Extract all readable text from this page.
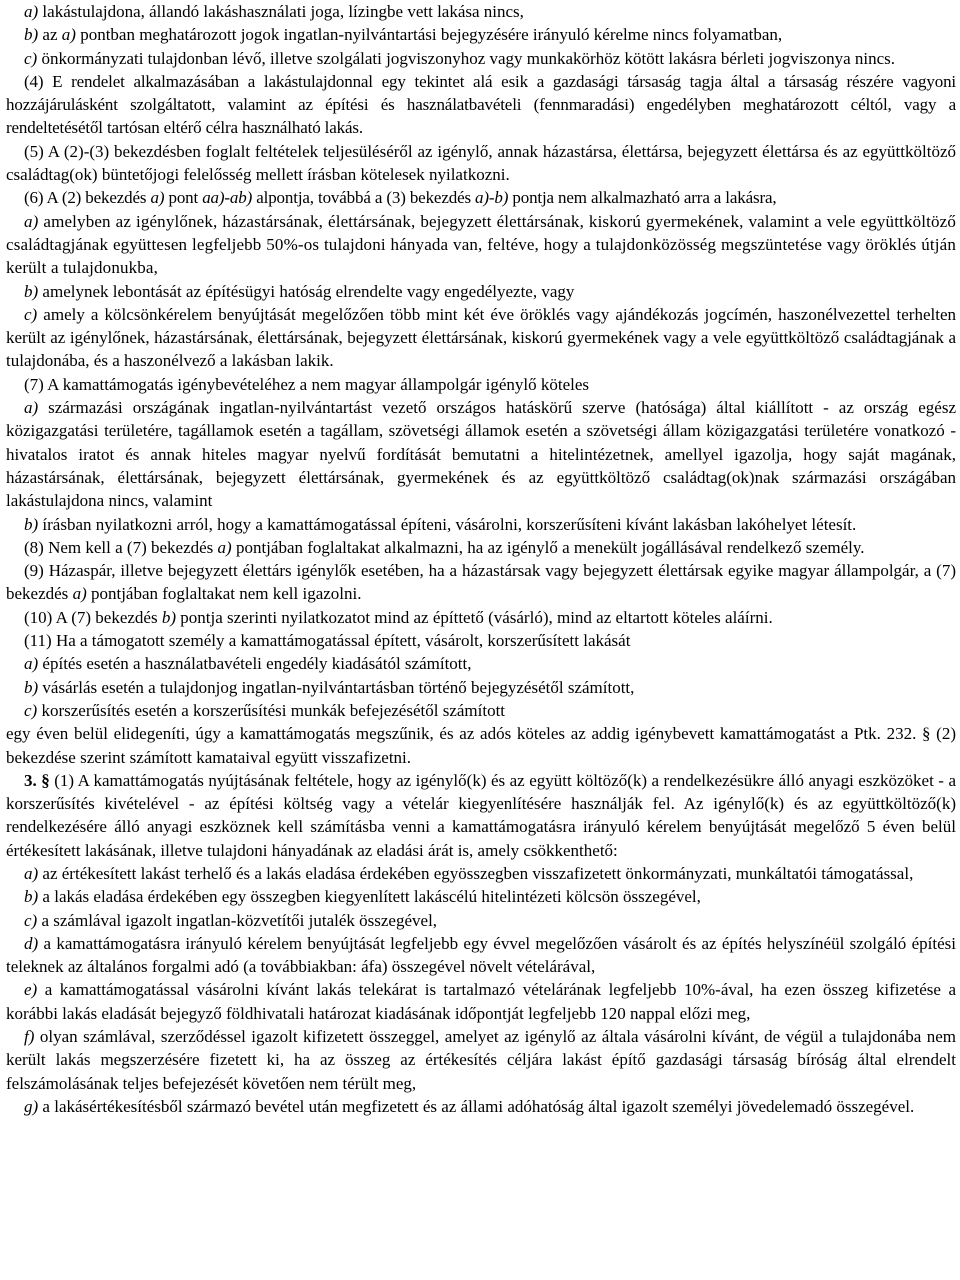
a) lakástulajdona, állandó lakáshasználati joga, lízingbe vett lakása nincs,

b) az a) pontban meghatározott jogok ingatlan-nyilvántartási bejegyzésére irányuló kérelme nincs folyamatban,

c) önkormányzati tulajdonban lévő, illetve szolgálati jogviszonyhoz vagy munkakörhöz kötött lakásra bérleti jogviszonya nincs.

(4) E rendelet alkalmazásában a lakástulajdonnal egy tekintet alá esik a gazdasági társaság tagja által a társaság részére vagyoni hozzájárulásként szolgáltatott, valamint az építési és használatbavételi (fennmaradási) engedélyben meghatározott céltól, vagy a rendeltetésétől tartósan eltérő célra használható lakás.

(5) A (2)-(3) bekezdésben foglalt feltételek teljesüléséről az igénylő, annak házastársa, élettársa, bejegyzett élettársa és az együttköltöző családtag(ok) büntetőjogi felelősség mellett írásban kötelesek nyilatkozni.

(6) A (2) bekezdés a) pont aa)-ab) alpontja, továbbá a (3) bekezdés a)-b) pontja nem alkalmazható arra a lakásra,

a) amelyben az igénylőnek, házastársának, élettársának, bejegyzett élettársának, kiskorú gyermekének, valamint a vele együttköltöző családtagjának együttesen legfeljebb 50%-os tulajdoni hányada van, feltéve, hogy a tulajdonközösség megszüntetése vagy öröklés útján került a tulajdonukba,

b) amelynek lebontását az építésügyi hatóság elrendelte vagy engedélyezte, vagy

c) amely a kölcsönkérelem benyújtását megelőzően több mint két éve öröklés vagy ajándékozás jogcímén, haszonélvezettel terhelten került az igénylőnek, házastársának, élettársának, bejegyzett élettársának, kiskorú gyermekének vagy a vele együttköltöző családtagjának a tulajdonába, és a haszonélvező a lakásban lakik.

(7) A kamattámogatás igénybevételéhez a nem magyar állampolgár igénylő köteles

a) származási országának ingatlan-nyilvántartást vezető országos hatáskörű szerve (hatósága) által kiállított - az ország egész közigazgatási területére, tagállamok esetén a tagállam, szövetségi államok esetén a szövetségi állam közigazgatási területére vonatkozó - hivatalos iratot és annak hiteles magyar nyelvű fordítását bemutatni a hitelintézetnek, amellyel igazolja, hogy saját magának, házastársának, élettársának, bejegyzett élettársának, gyermekének és az együttköltöző családtag(ok)nak származási országában lakástulajdona nincs, valamint

b) írásban nyilatkozni arról, hogy a kamattámogatással építeni, vásárolni, korszerűsíteni kívánt lakásban lakóhelyet létesít.

(8) Nem kell a (7) bekezdés a) pontjában foglaltakat alkalmazni, ha az igénylő a menekült jogállásával rendelkező személy.

(9) Házaspár, illetve bejegyzett élettárs igénylők esetében, ha a házastársak vagy bejegyzett élettársak egyike magyar állampolgár, a (7) bekezdés a) pontjában foglaltakat nem kell igazolni.

(10) A (7) bekezdés b) pontja szerinti nyilatkozatot mind az építtető (vásárló), mind az eltartott köteles aláírni.

(11) Ha a támogatott személy a kamattámogatással épített, vásárolt, korszerűsített lakását

a) építés esetén a használatbavételi engedély kiadásától számított,

b) vásárlás esetén a tulajdonjog ingatlan-nyilvántartásban történő bejegyzésétől számított,

c) korszerűsítés esetén a korszerűsítési munkák befejezésétől számított

egy éven belül elidegeníti, úgy a kamattámogatás megszűnik, és az adós köteles az addig igénybevett kamattámogatást a Ptk. 232. § (2) bekezdése szerint számított kamataival együtt visszafizetni.

3. § (1) A kamattámogatás nyújtásának feltétele, hogy az igénylő(k) és az együtt költöző(k) a rendelkezésükre álló anyagi eszközöket - a korszerűsítés kivételével - az építési költség vagy a vételár kiegyenlítésére használják fel. Az igénylő(k) és az együttköltöző(k) rendelkezésére álló anyagi eszköznek kell számításba venni a kamattámogatásra irányuló kérelem benyújtását megelőző 5 éven belül értékesített lakásának, illetve tulajdoni hányadának az eladási árát is, amely csökkenthető:

a) az értékesített lakást terhelő és a lakás eladása érdekében egyösszegben visszafizetett önkormányzati, munkáltatói támogatással,

b) a lakás eladása érdekében egy összegben kiegyenlített lakáscélú hitelintézeti kölcsön összegével,

c) a számlával igazolt ingatlan-közvetítői jutalék összegével,

d) a kamattámogatásra irányuló kérelem benyújtását legfeljebb egy évvel megelőzően vásárolt és az építés helyszínéül szolgáló építési teleknek az általános forgalmi adó (a továbbiakban: áfa) összegével növelt vételárával,

e) a kamattámogatással vásárolni kívánt lakás telekárat is tartalmazó vételárának legfeljebb 10%-ával, ha ezen összeg kifizetése a korábbi lakás eladását bejegyző földhivatali határozat kiadásának időpontját legfeljebb 120 nappal előzi meg,

f) olyan számlával, szerződéssel igazolt kifizetett összeggel, amelyet az igénylő az általa vásárolni kívánt, de végül a tulajdonába nem került lakás megszerzésére fizetett ki, ha az összeg az értékesítés céljára lakást építő gazdasági társaság bíróság által elrendelt felszámolásának teljes befejezését követően nem térült meg,

g) a lakásértékesítésből származó bevétel után megfizetett és az állami adóhatóság által igazolt személyi jövedelemadó összegével.
